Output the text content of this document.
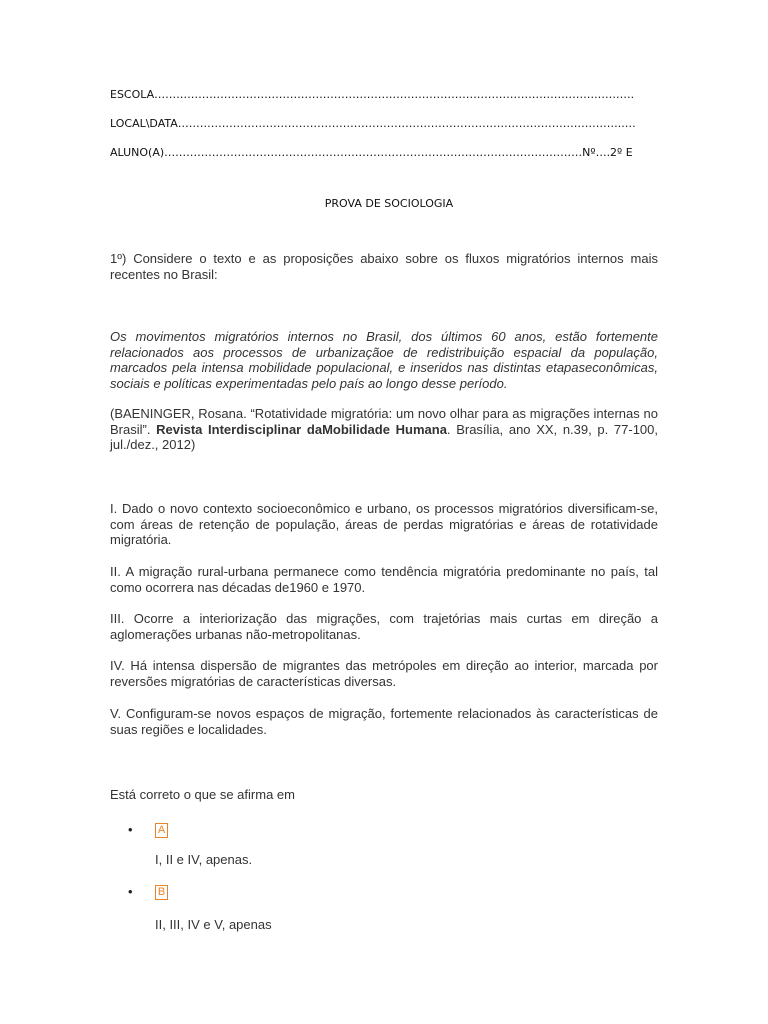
ESCOLA………………………………………………………………………………………………………….……….
LOCAL\DATA…………………………………………………………………………………………………………..…
ALUNO(A)……………………………………………………………………………………………………Nº….2º E
PROVA DE SOCIOLOGIA

1º) Considere o texto e as proposições abaixo sobre os fluxos migratórios internos mais recentes no Brasil:

Os movimentos migratórios internos no Brasil, dos últimos 60 anos, estão fortemente relacionados aos processos de urbanizaçãoe de redistribuição espacial da população, marcados pela intensa mobilidade populacional, e inseridos nas distintas etapaseconômicas, sociais e políticas experimentadas pelo país ao longo desse período.

(BAENINGER, Rosana. “Rotatividade migratória: um novo olhar para as migrações internas no Brasil”. Revista Interdisciplinar daMobilidade Humana. Brasília, ano XX, n.39, p. 77-100, jul./dez., 2012)

I. Dado o novo contexto socioeconômico e urbano, os processos migratórios diversificam-se, com áreas de retenção de população, áreas de perdas migratórias e áreas de rotatividade migratória.

II. A migração rural-urbana permanece como tendência migratória predominante no país, tal como ocorrera nas décadas de1960 e 1970.

III. Ocorre a interiorização das migrações, com trajetórias mais curtas em direção a aglomerações urbanas não-metropolitanas.

IV. Há intensa dispersão de migrantes das metrópoles em direção ao interior, marcada por reversões migratórias de características diversas.

V. Configuram-se novos espaços de migração, fortemente relacionados às características de suas regiões e localidades.

Está correto o que se afirma em

• A
I, II e IV, apenas.
• B
II, III, IV e V, apenas
